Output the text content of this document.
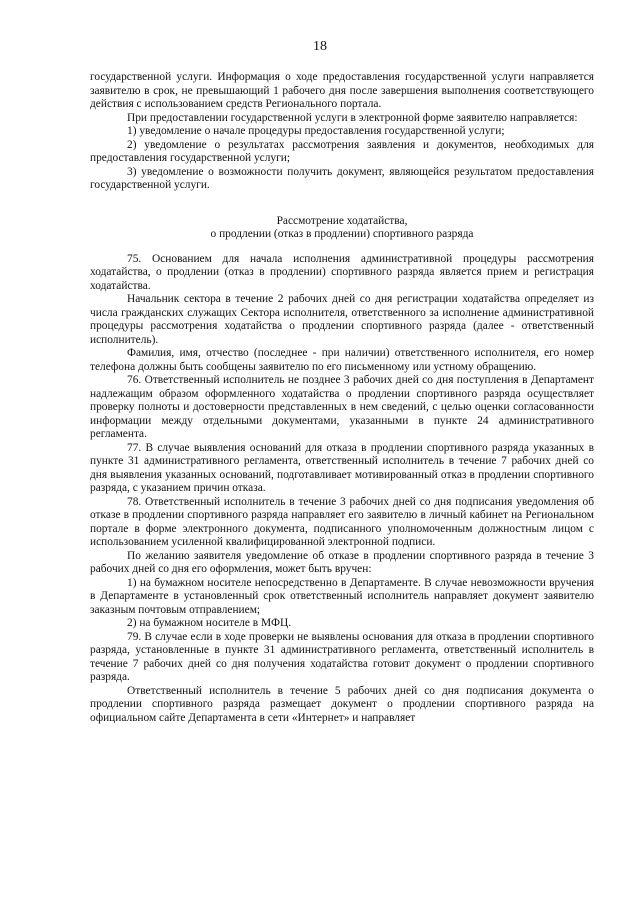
18

государственной услуги. Информация о ходе предоставления государственной услуги направляется заявителю в срок, не превышающий 1 рабочего дня после завершения выполнения соответствующего действия с использованием средств Регионального портала.

При предоставлении государственной услуги в электронной форме заявителю направляется:

1) уведомление о начале процедуры предоставления государственной услуги;

2) уведомление о результатах рассмотрения заявления и документов, необходимых для предоставления государственной услуги;

3) уведомление о возможности получить документ, являющейся результатом предоставления государственной услуги.

Рассмотрение ходатайства,
о продлении (отказ в продлении) спортивного разряда

75. Основанием для начала исполнения административной процедуры рассмотрения ходатайства, о продлении (отказ в продлении) спортивного разряда является прием и регистрация ходатайства.

Начальник сектора в течение 2 рабочих дней со дня регистрации ходатайства определяет из числа гражданских служащих Сектора исполнителя, ответственного за исполнение административной процедуры рассмотрения ходатайства о продлении спортивного разряда (далее - ответственный исполнитель).

Фамилия, имя, отчество (последнее - при наличии) ответственного исполнителя, его номер телефона должны быть сообщены заявителю по его письменному или устному обращению.

76. Ответственный исполнитель не позднее 3 рабочих дней со дня поступления в Департамент надлежащим образом оформленного ходатайства о продлении спортивного разряда осуществляет проверку полноты и достоверности представленных в нем сведений, с целью оценки согласованности информации между отдельными документами, указанными в пункте 24 административного регламента.

77. В случае выявления оснований для отказа в продлении спортивного разряда указанных в пункте 31 административного регламента, ответственный исполнитель в течение 7 рабочих дней со дня выявления указанных оснований, подготавливает мотивированный отказ в продлении спортивного разряда, с указанием причин отказа.

78. Ответственный исполнитель в течение 3 рабочих дней со дня подписания уведомления об отказе в продлении спортивного разряда направляет его заявителю в личный кабинет на Региональном портале в форме электронного документа, подписанного уполномоченным должностным лицом с использованием усиленной квалифицированной электронной подписи.

По желанию заявителя уведомление об отказе в продлении спортивного разряда в течение 3 рабочих дней со дня его оформления, может быть вручен:

1) на бумажном носителе непосредственно в Департаменте. В случае невозможности вручения в Департаменте в установленный срок ответственный исполнитель направляет документ заявителю заказным почтовым отправлением;

2) на бумажном носителе в МФЦ.

79. В случае если в ходе проверки не выявлены основания для отказа в продлении спортивного разряда, установленные в пункте 31 административного регламента, ответственный исполнитель в течение 7 рабочих дней со дня получения ходатайства готовит документ о продлении спортивного разряда.

Ответственный исполнитель в течение 5 рабочих дней со дня подписания документа о продлении спортивного разряда размещает документ о продлении спортивного разряда на официальном сайте Департамента в сети «Интернет» и направляет
